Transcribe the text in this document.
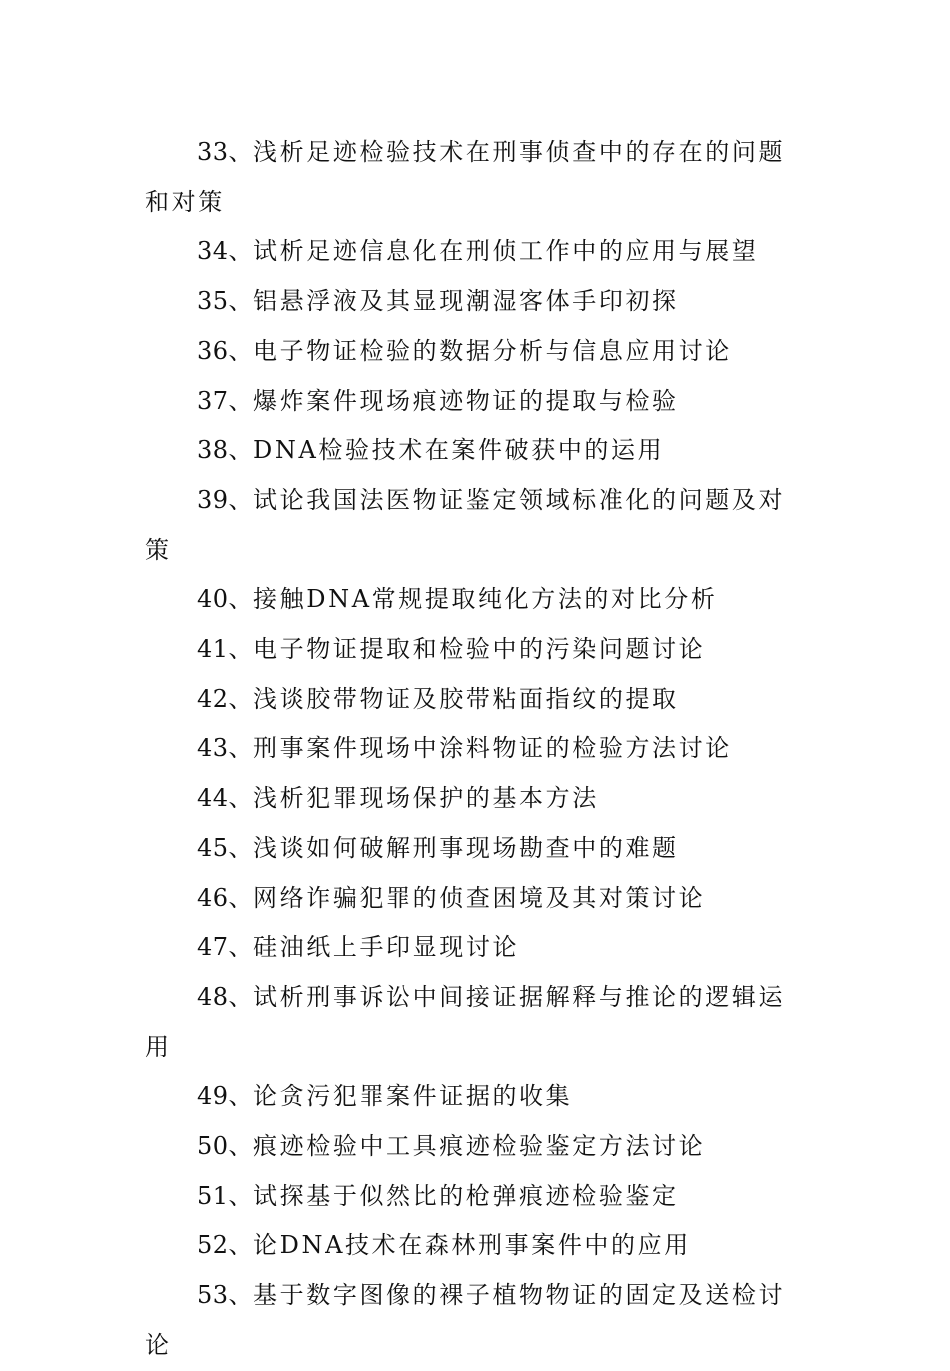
33、浅析足迹检验技术在刑事侦查中的存在的问题和对策
34、试析足迹信息化在刑侦工作中的应用与展望
35、铝悬浮液及其显现潮湿客体手印初探
36、电子物证检验的数据分析与信息应用讨论
37、爆炸案件现场痕迹物证的提取与检验
38、DNA检验技术在案件破获中的运用
39、试论我国法医物证鉴定领域标准化的问题及对策
40、接触DNA常规提取纯化方法的对比分析
41、电子物证提取和检验中的污染问题讨论
42、浅谈胶带物证及胶带粘面指纹的提取
43、刑事案件现场中涂料物证的检验方法讨论
44、浅析犯罪现场保护的基本方法
45、浅谈如何破解刑事现场勘查中的难题
46、网络诈骗犯罪的侦查困境及其对策讨论
47、硅油纸上手印显现讨论
48、试析刑事诉讼中间接证据解释与推论的逻辑运用
49、论贪污犯罪案件证据的收集
50、痕迹检验中工具痕迹检验鉴定方法讨论
51、试探基于似然比的枪弹痕迹检验鉴定
52、论DNA技术在森林刑事案件中的应用
53、基于数字图像的裸子植物物证的固定及送检讨论
